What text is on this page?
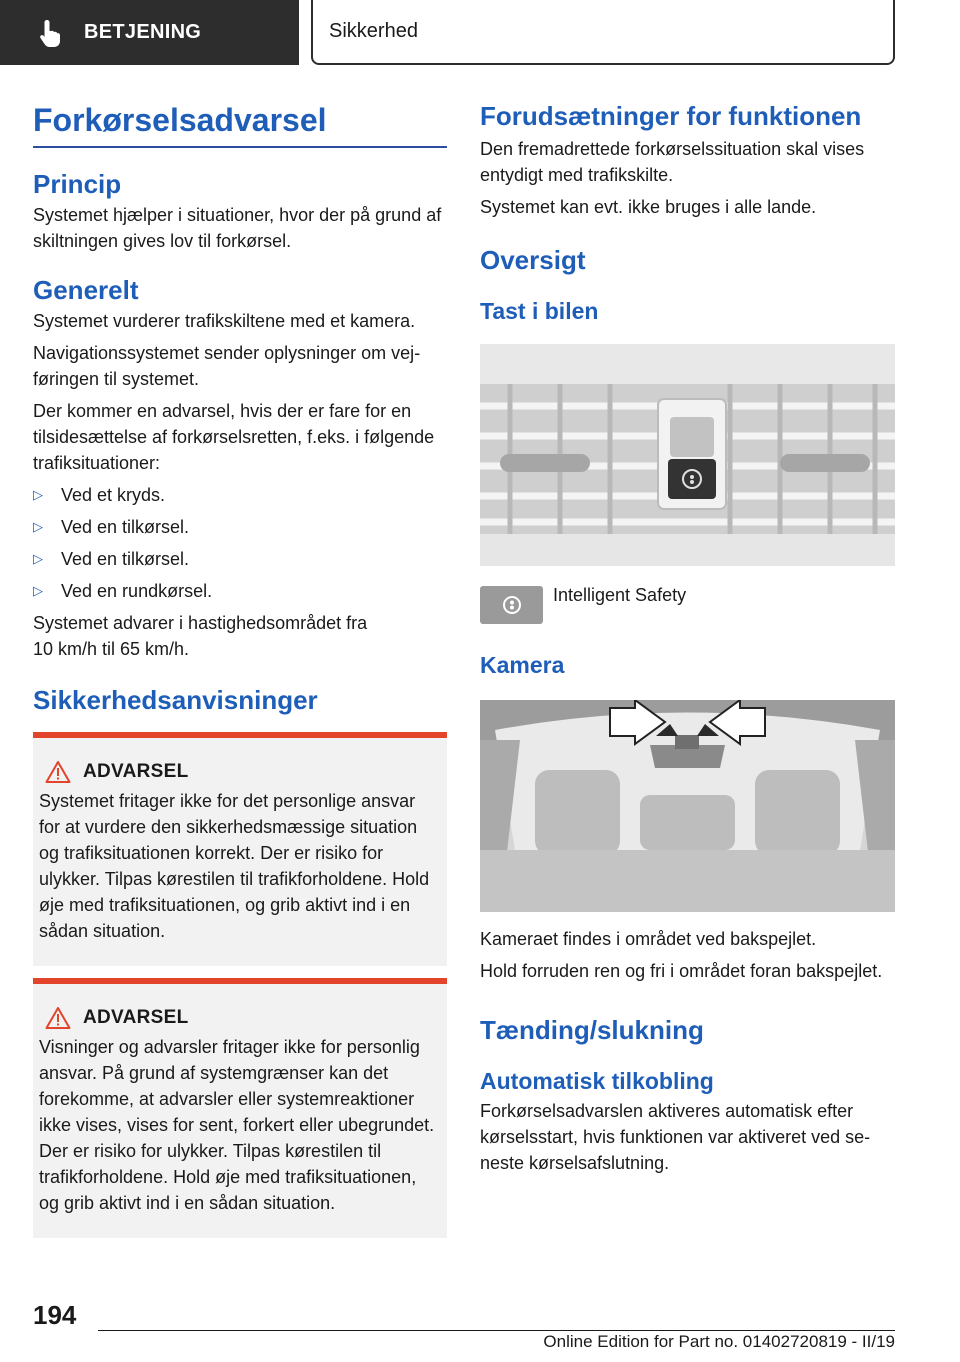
BETJENING	Sikkerhed
Forkørselsadvarsel
Princip

Systemet hjælper i situationer, hvor der på grund af skiltningen gives lov til forkørsel.

Generelt

Systemet vurderer trafikskiltene med et kamera.

Navigationssystemet sender oplysninger om vejføringen til systemet.

Der kommer en advarsel, hvis der er fare for en tilsidesættelse af forkørselsretten, f.eks. i følgende trafiksituationer:

▷	Ved et kryds.
▷	Ved en tilkørsel.
▷	Ved en tilkørsel.
▷	Ved en rundkørsel.

Systemet advarer i hastighedsområdet fra
10 km/h til 65 km/h.

Sikkerhedsanvisninger
ADVARSEL

Systemet fritager ikke for det personlige ansvar for at vurdere den sikkerhedsmæssige situation og trafiksituationen korrekt. Der er risiko for ulykker. Tilpas kørestilen til trafikforholdene. Hold øje med trafiksituationen, og grib aktivt ind i en sådan situation.

ADVARSEL

Visninger og advarsler fritager ikke for personlig ansvar. På grund af systemgrænser kan det forekomme, at advarsler eller systemreaktioner ikke vises, vises for sent, forkert eller ubegrundet. Der er risiko for ulykker. Tilpas kørestilen til trafikforholdene. Hold øje med trafiksituationen, og grib aktivt ind i en sådan situation.

Forudsætninger for funktionen

Den fremadrettede forkørselssituation skal vises entydigt med trafikskilte.

Systemet kan evt. ikke bruges i alle lande.

Oversigt
Tast i bilen

Intelligent Safety

Kamera

Kameraet findes i området ved bakspejlet.

Hold forruden ren og fri i området foran bakspejlet.

Tænding/slukning
Automatisk tilkobling

Forkørselsadvarslen aktiveres automatisk efter kørselsstart, hvis funktionen var aktiveret ved seneste kørselsafslutning.

194
Online Edition for Part no. 01402720819 - II/19
